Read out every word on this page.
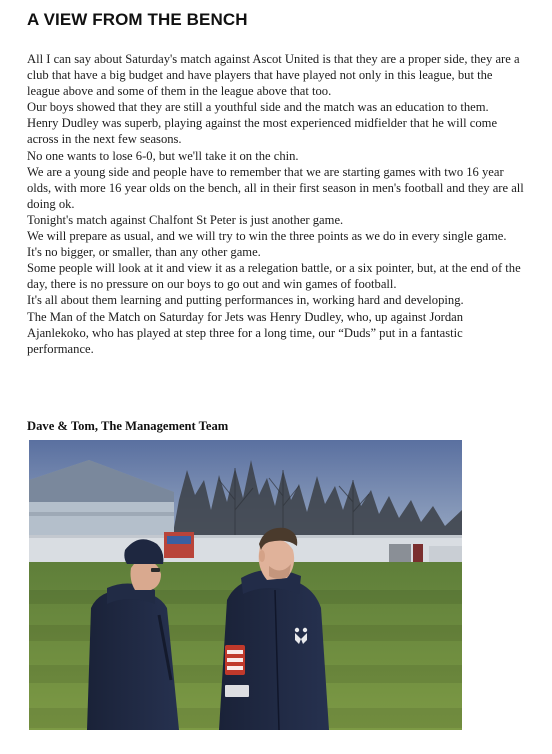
A VIEW FROM THE BENCH

All I can say about Saturday's match against Ascot United is that they are a proper side, they are a club that have a big budget and have players that have played not only in this league, but the league above and some of them in the league above that too.

Our boys showed that they are still a youthful side and the match was an education to them.

Henry Dudley was superb, playing against the most experienced midfielder that he will come across in the next few seasons.

No one wants to lose 6-0, but we'll take it on the chin.

We are a young side and people have to remember that we are starting games with two 16 year olds, with more 16 year olds on the bench, all in their first season in men's football and they are all doing ok.

Tonight's match against Chalfont St Peter is just another game.

We will prepare as usual, and we will try to win the three points as we do in every single game.

It's no bigger, or smaller, than any other game.

Some people will look at it and view it as a relegation battle, or a six pointer, but, at the end of the day, there is no pressure on our boys to go out and win games of football.

It's all about them learning and putting performances in, working hard and developing.

The Man of the Match on Saturday for Jets was Henry Dudley, who, up against Jordan Ajanlekoko, who has played at step three for a long time, our “Duds” put in a fantastic performance.

Dave & Tom, The Management Team
